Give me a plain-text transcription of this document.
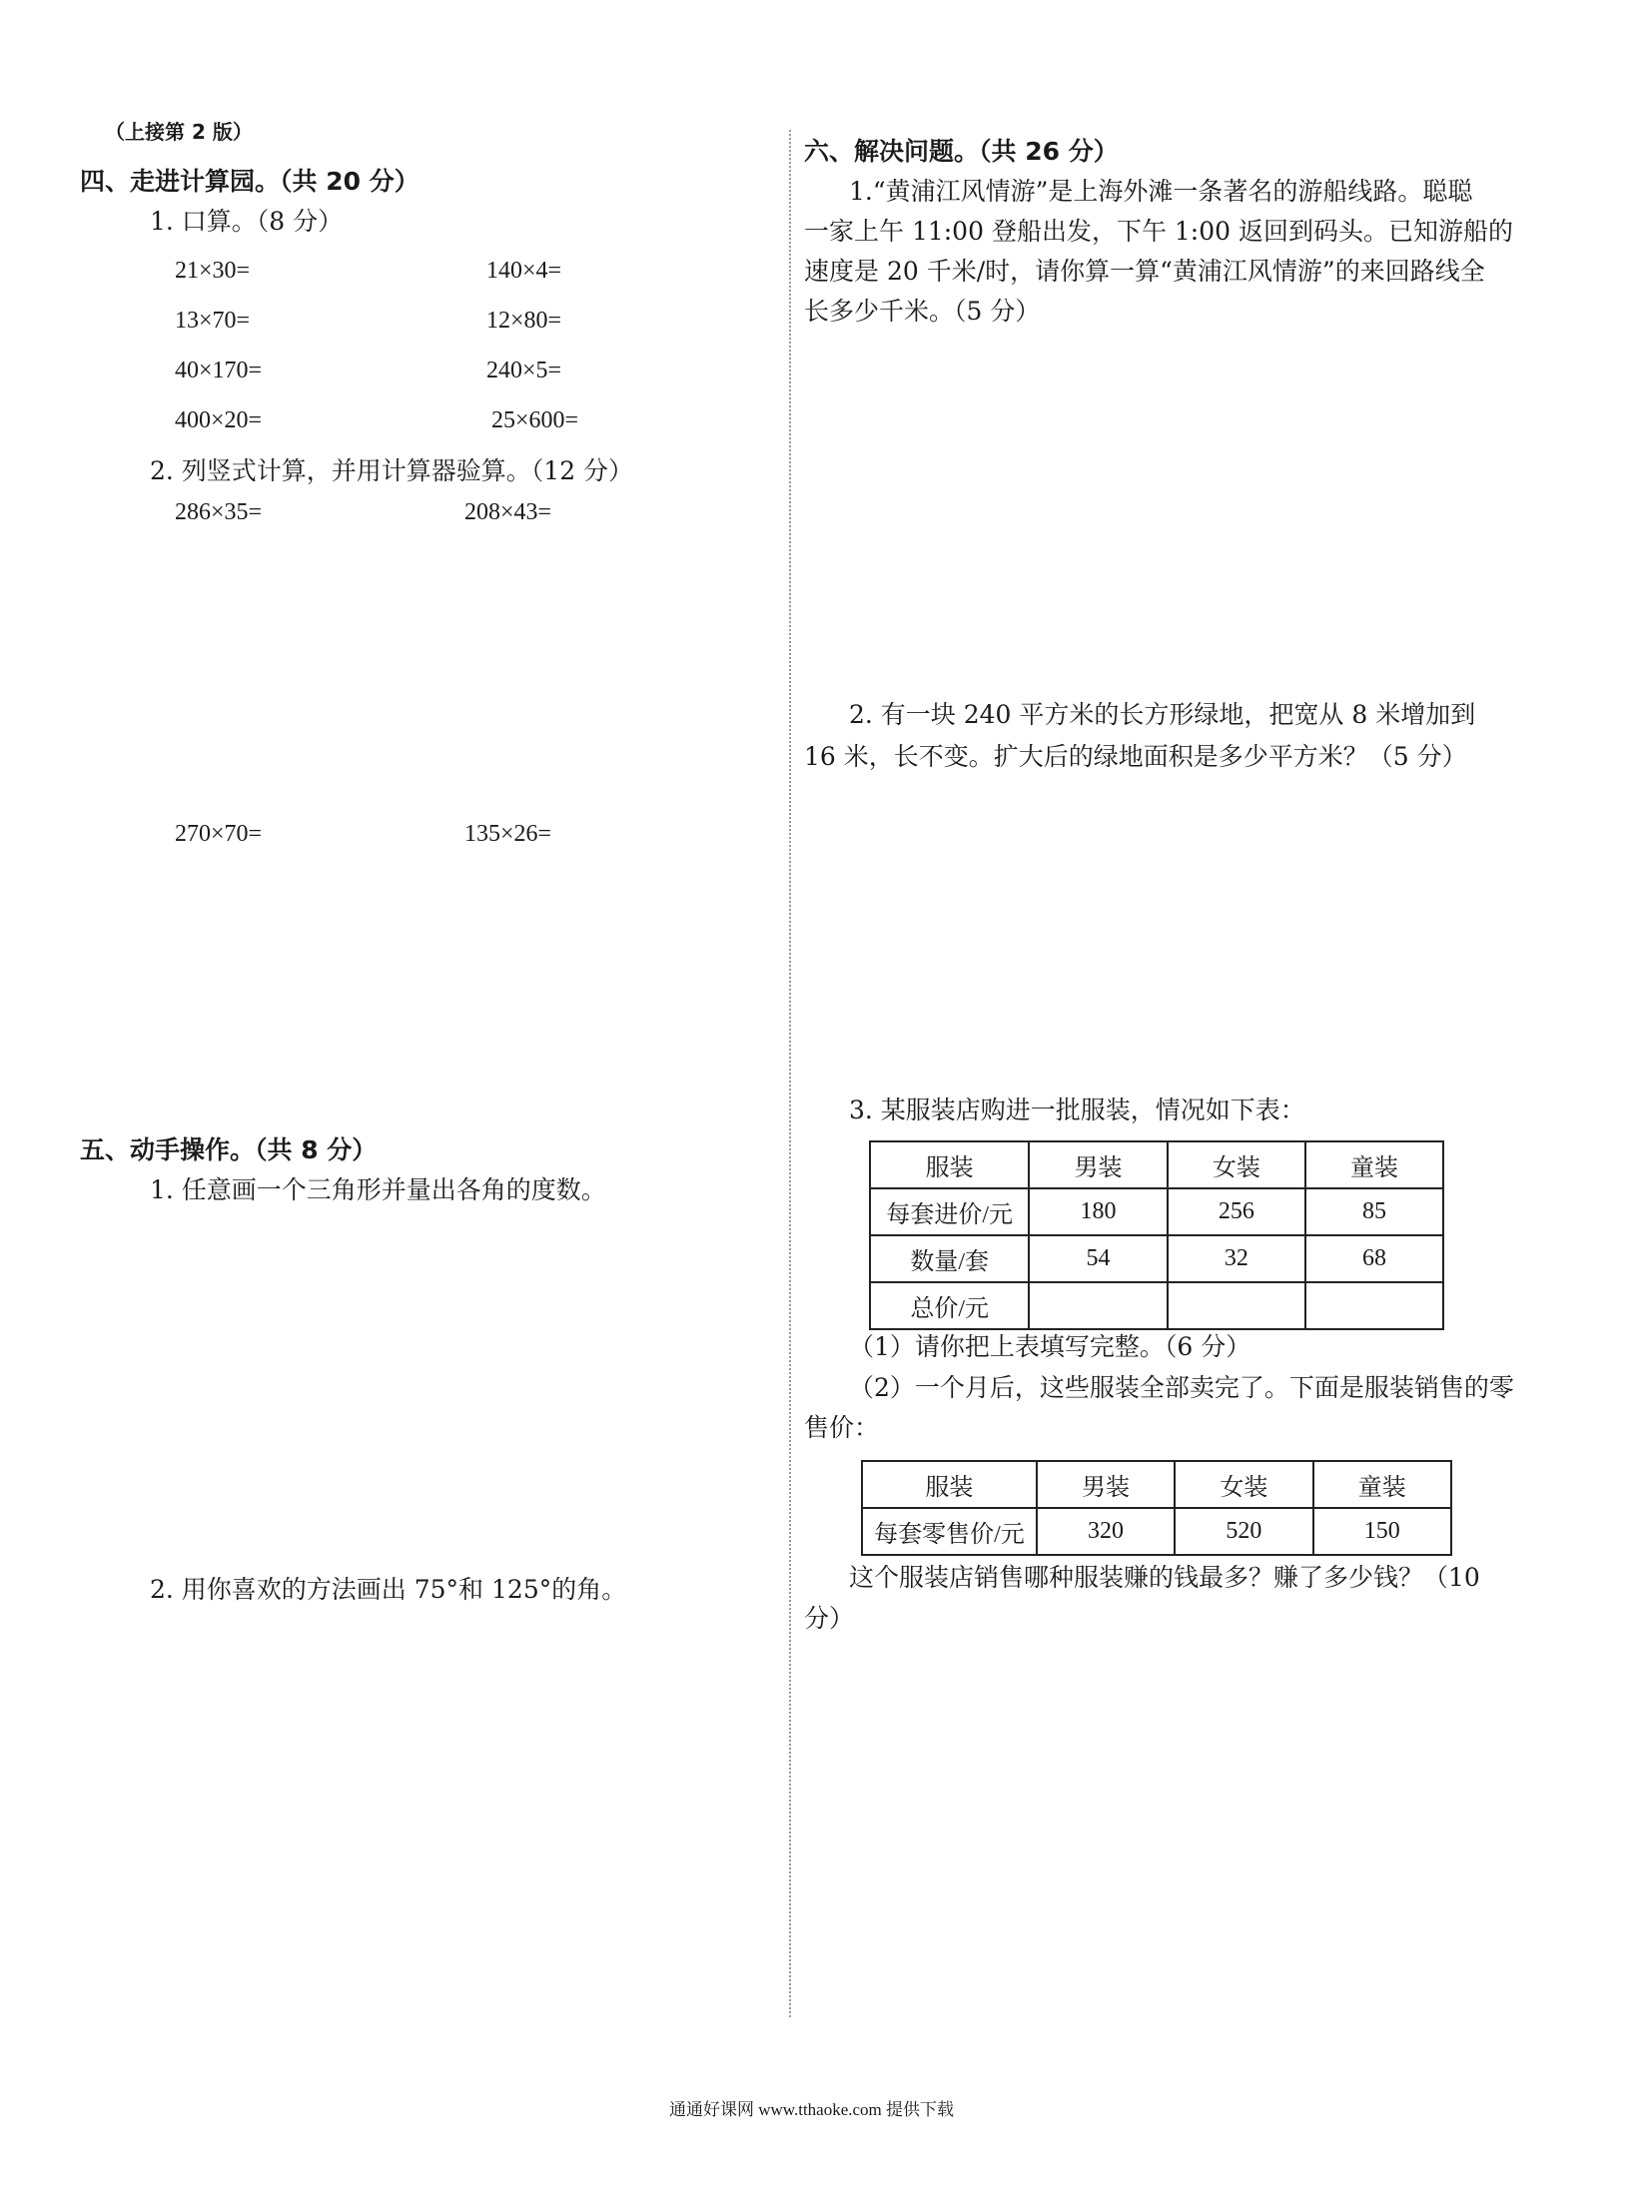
（上接第 2 版）
四、走进计算园。（共 20 分）
1. 口算。（8 分）
21×30=	140×4=
13×70=	12×80=
40×170=	240×5=
400×20=	25×600=
2. 列竖式计算，并用计算器验算。（12 分）
286×35=	208×43=
270×70=	135×26=
五、动手操作。（共 8 分）
1. 任意画一个三角形并量出各角的度数。
2. 用你喜欢的方法画出 75°和 125°的角。
六、解决问题。（共 26 分）
1.“黄浦江风情游”是上海外滩一条著名的游船线路。聪聪
一家上午 11:00 登船出发，下午 1:00 返回到码头。已知游船的
速度是 20 千米/时，请你算一算“黄浦江风情游”的来回路线全
长多少千米。（5 分）
2. 有一块 240 平方米的长方形绿地，把宽从 8 米增加到
16 米，长不变。扩大后的绿地面积是多少平方米？（5 分）
3. 某服装店购进一批服装，情况如下表：
服装	男装	女装	童装
每套进价/元	180	256	85
数量/套	54	32	68
总价/元			
（1）请你把上表填写完整。（6 分）
（2）一个月后，这些服装全部卖完了。下面是服装销售的零
售价：
服装	男装	女装	童装
每套零售价/元	320	520	150
这个服装店销售哪种服装赚的钱最多？赚了多少钱？（10
分）
通通好课网 www.tthaoke.com 提供下载
